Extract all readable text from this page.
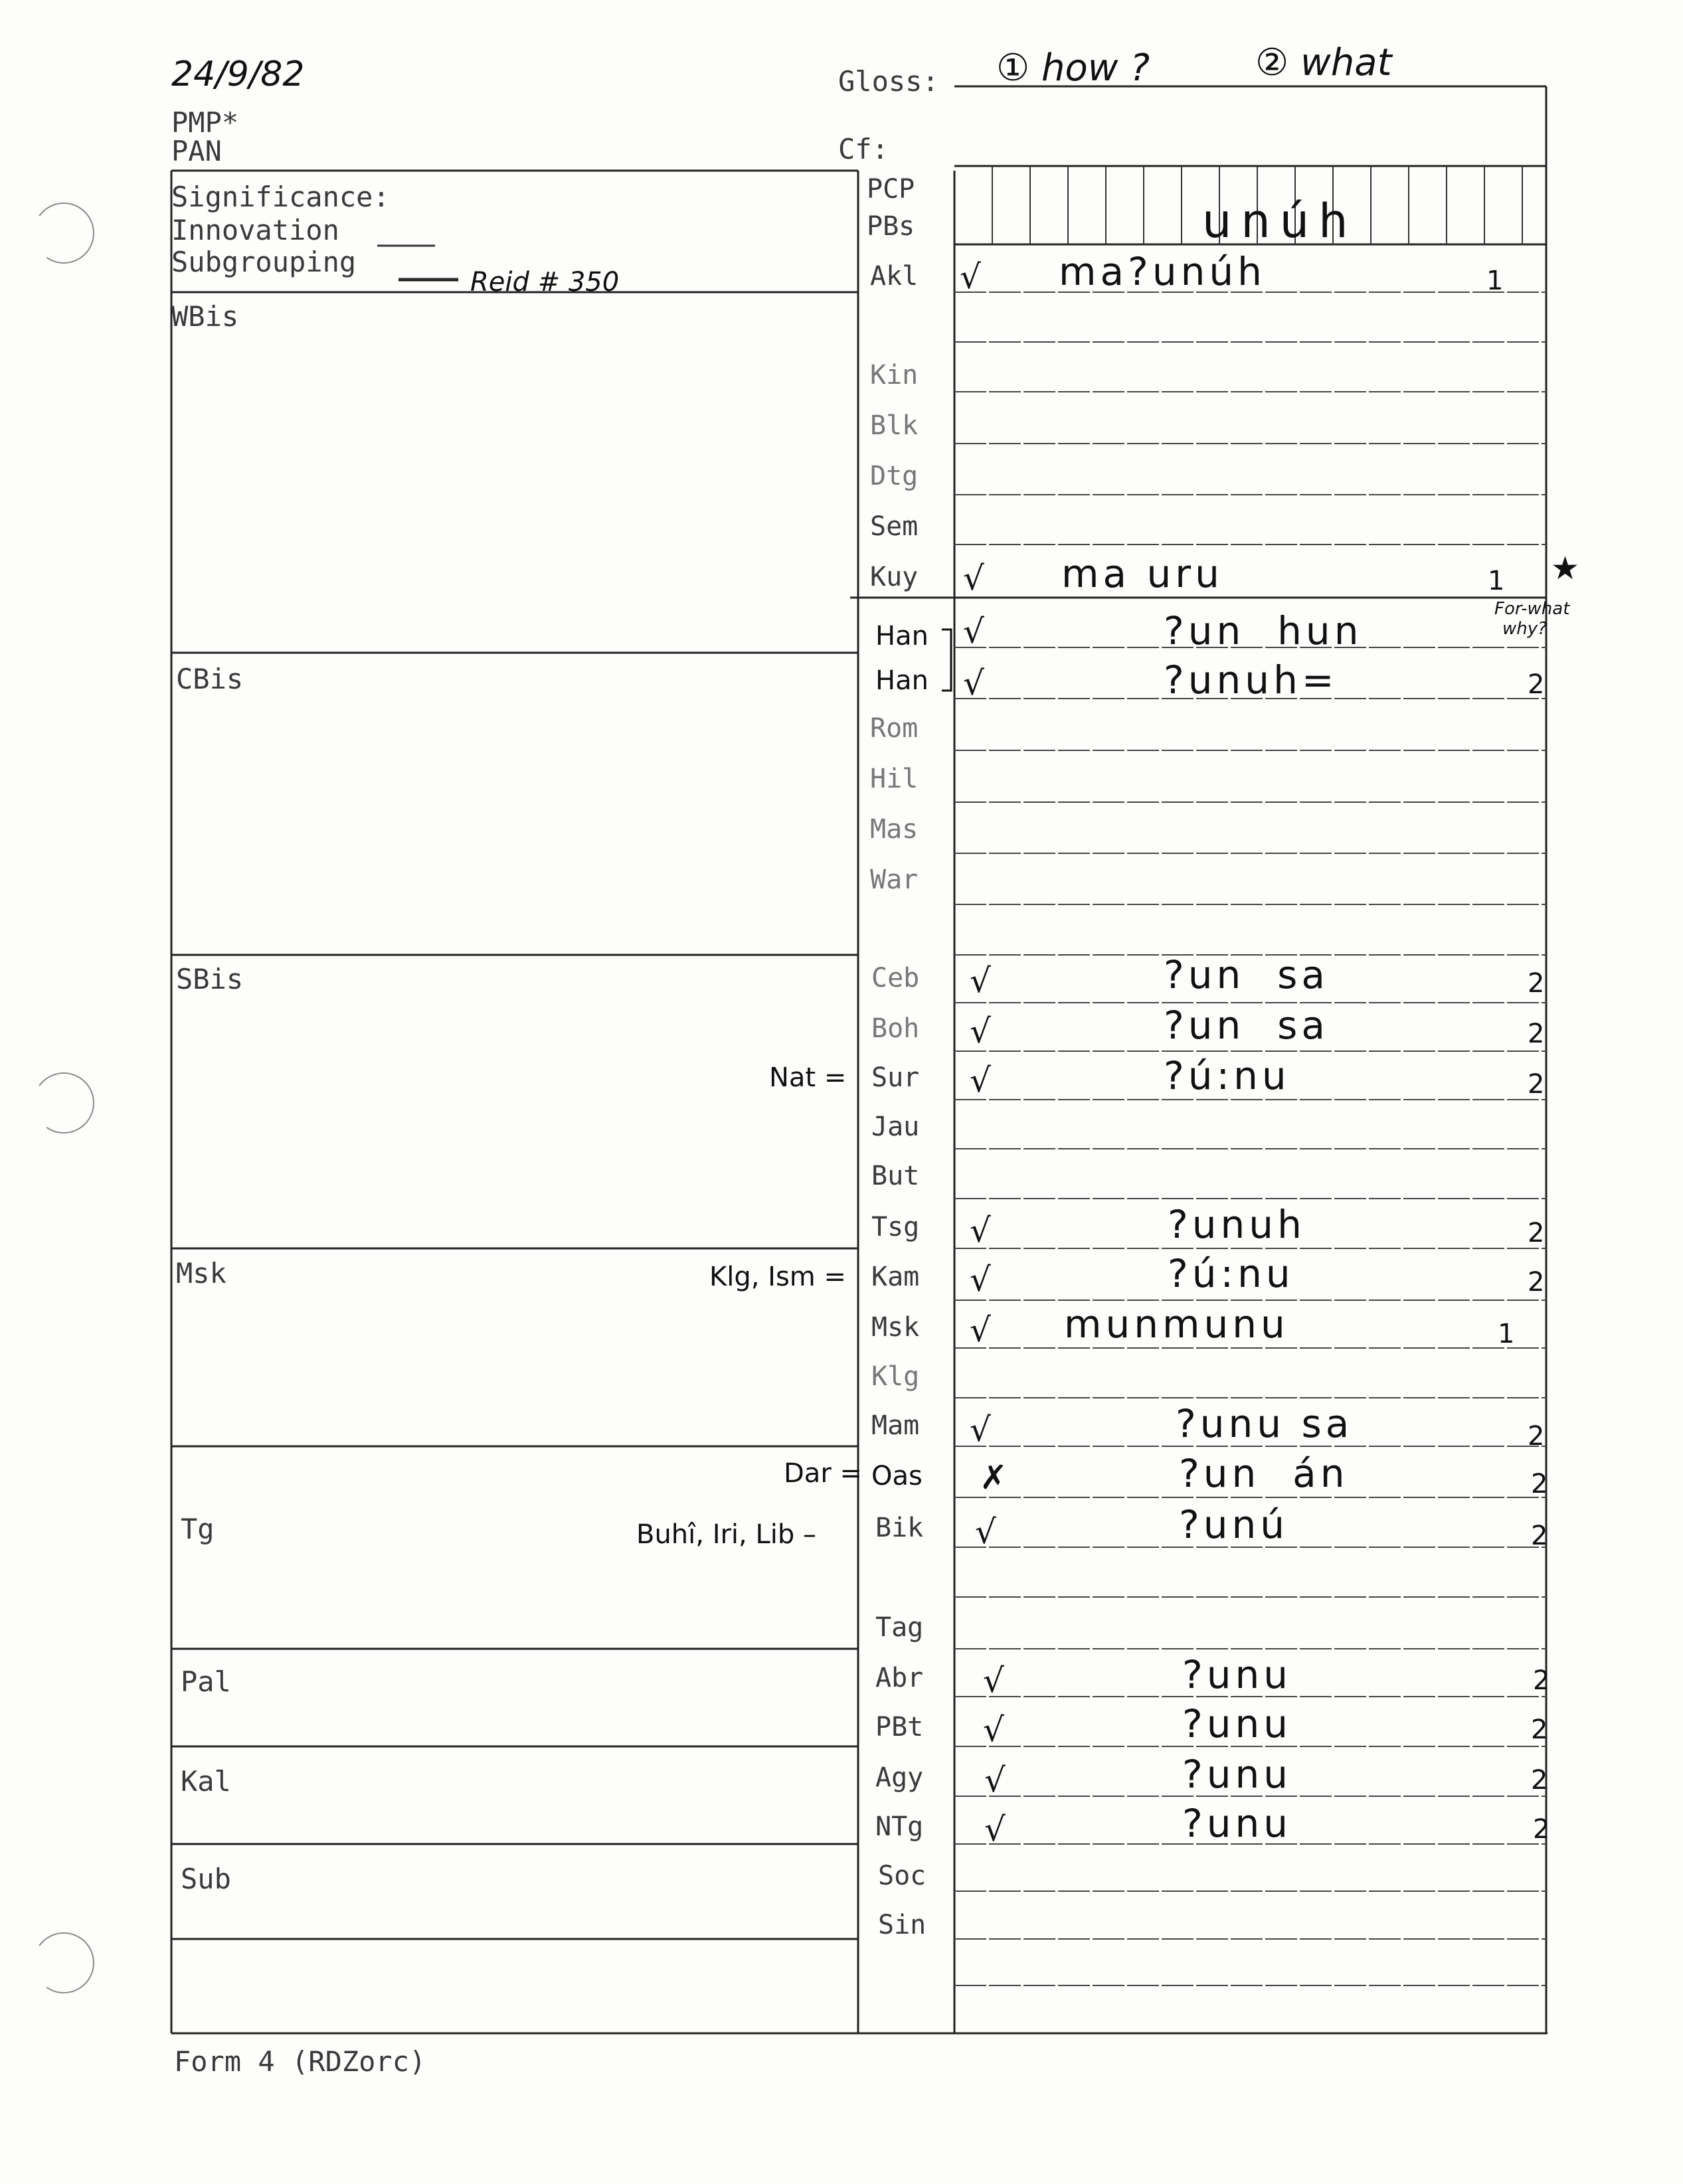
24/9/82
PMP*
PAN
Gloss: ① how ?	② what
Cf:
Significance:
Innovation
Subgrouping
Reid # 350
WBis
CBis
SBis
Msk
Tg
Pal
Kal
Sub
PCP
PBs
Akl
Kin
Blk
Dtg
Sem
Kuy
Han
Han
Rom
Hil
Mas
War
Ceb
Boh
Sur
Jau
But
Tsg
Kam
Msk
Klg
Mam
Oas
Bik
Tag
Abr
PBt
Agy
NTg
Soc
Sin
Nat =
Klg, Ism =
Dar =
Buhî, Iri, Lib –
√
√
√
√
√
√
√
√
√
√
√
✗
√
√
√
√
√
unúh
ma?unúh
ma uru
?un  hun
?unuh=
?un  sa
?un  sa
?ú:nu
?unuh
?ú:nu
munmunu
?unu sa
?un  án
?unú
?unu
?unu
?unu
?unu
1
1
2
2
2
2
2
2
1
2
2
2
2
2
2
2
★
For-what
why?
Form 4 (RDZorc)
